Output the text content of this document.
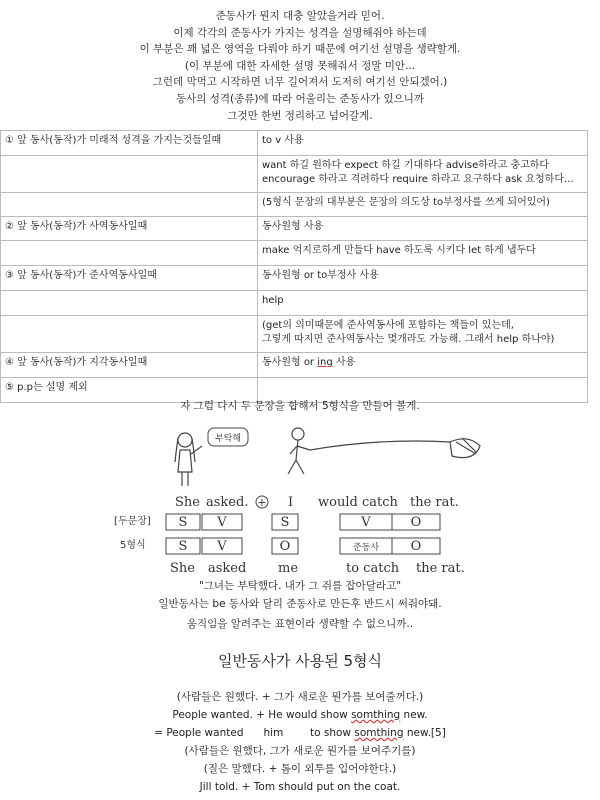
준동사가 뭔지 대충 알았을거라 믿어.
이제 각각의 준동사가 가지는 성격을 설명해줘야 하는데
이 부분은 꽤 넓은 영역을 다뤄야 하기 때문에 여기선 설명을 생략할게.
(이 부분에 대한 자세한 설명 못해줘서 정말 미안...
그런데 막먹고 시작하면 너무 길어져서 도저히 여기선 안되겠어.)
동사의 성격(종류)에 따라 어울리는 준동사가 있으니까
그것만 한번 정리하고 넘어갈게.
① 앞 동사(동작)가 미래적 성격을 가지는것들일때	to v 사용
	want 하길 원하다 expect 하길 기대하다 advise하라고 충고하다
encourage 하라고 격려하다 require 하라고 요구하다 ask 요청하다...
	(5형식 문장의 대부분은 문장의 의도상 to부정사를 쓰게 되어있어)
② 앞 동사(동작)가 사역동사일때	동사원형 사용
	make 억지로하게 만들다 have 하도록 시키다 let 하게 냅두다
③ 앞 동사(동작)가 준사역동사일때	동사원형 or to부정사 사용
	help
	(get의 의미때문에 준사역동사에 포함하는 책들이 있는데,
그렇게 따지면 준사역동사는 몇개라도 가능해. 그래서 help 하나야)
④ 앞 동사(동작)가 지각동사일때	동사원형 or ing 사용
⑤ p.p는 설명 제외	
자 그럼 다시 두 문장을 합해서 5형식을 만들어 볼게.
부탁해
She asked. + I would catch the rat.
[두문장]
5형식
S V	S	V	O
S V	O	준동사 O
She asked me	to catch the rat.
"그녀는 부탁했다. 내가 그 쥐를 잡아달라고"
일반동사는 be 동사와 달리 준동사로 만든후 반드시 써줘야돼.
움직임을 알려주는 표현이라 생략할 수 없으니까..
일반동사가 사용된 5형식
(사람들은 원했다. + 그가 새로운 뭔가를 보여줄꺼다.)
People wanted. + He would show somthing new.
= People wanted      him        to show somthing new.[5]
(사람들은 원했다, 그가 새로운 뭔가를 보여주기를)
(질은 말했다. + 톰이 외투를 입어야한다.)
Jill told. + Tom should put on the coat.
